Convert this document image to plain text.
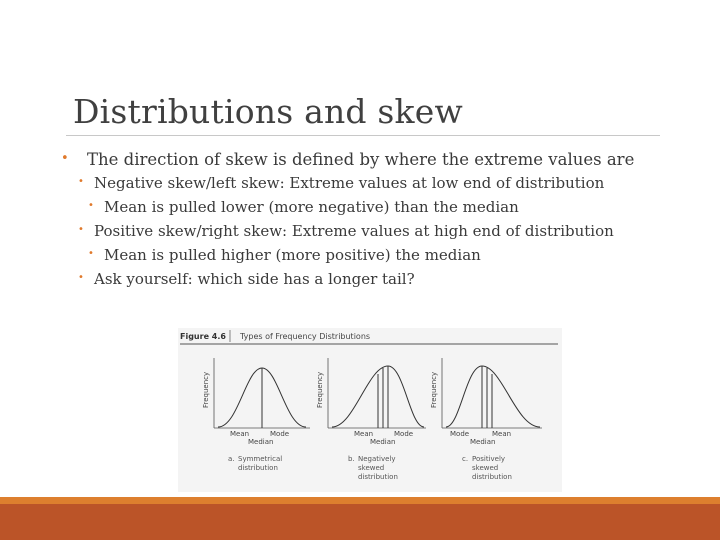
Distributions and skew
• The direction of skew is defined by where the extreme values are
• Negative skew/left skew: Extreme values at low end of distribution
• Mean is pulled lower (more negative) than the median
• Positive skew/right skew: Extreme values at high end of distribution
• Mean is pulled higher (more positive) the median
• Ask yourself: which side has a longer tail?
Figure 4.6 Types of Frequency Distributions
Frequency
Mean	Mode
Median
a. Symmetrical
distribution
Frequency
Mean	Mode
Median
b. Negatively
skewed
distribution
Frequency
Mode	Mean
Median
c. Positively
skewed
distribution
